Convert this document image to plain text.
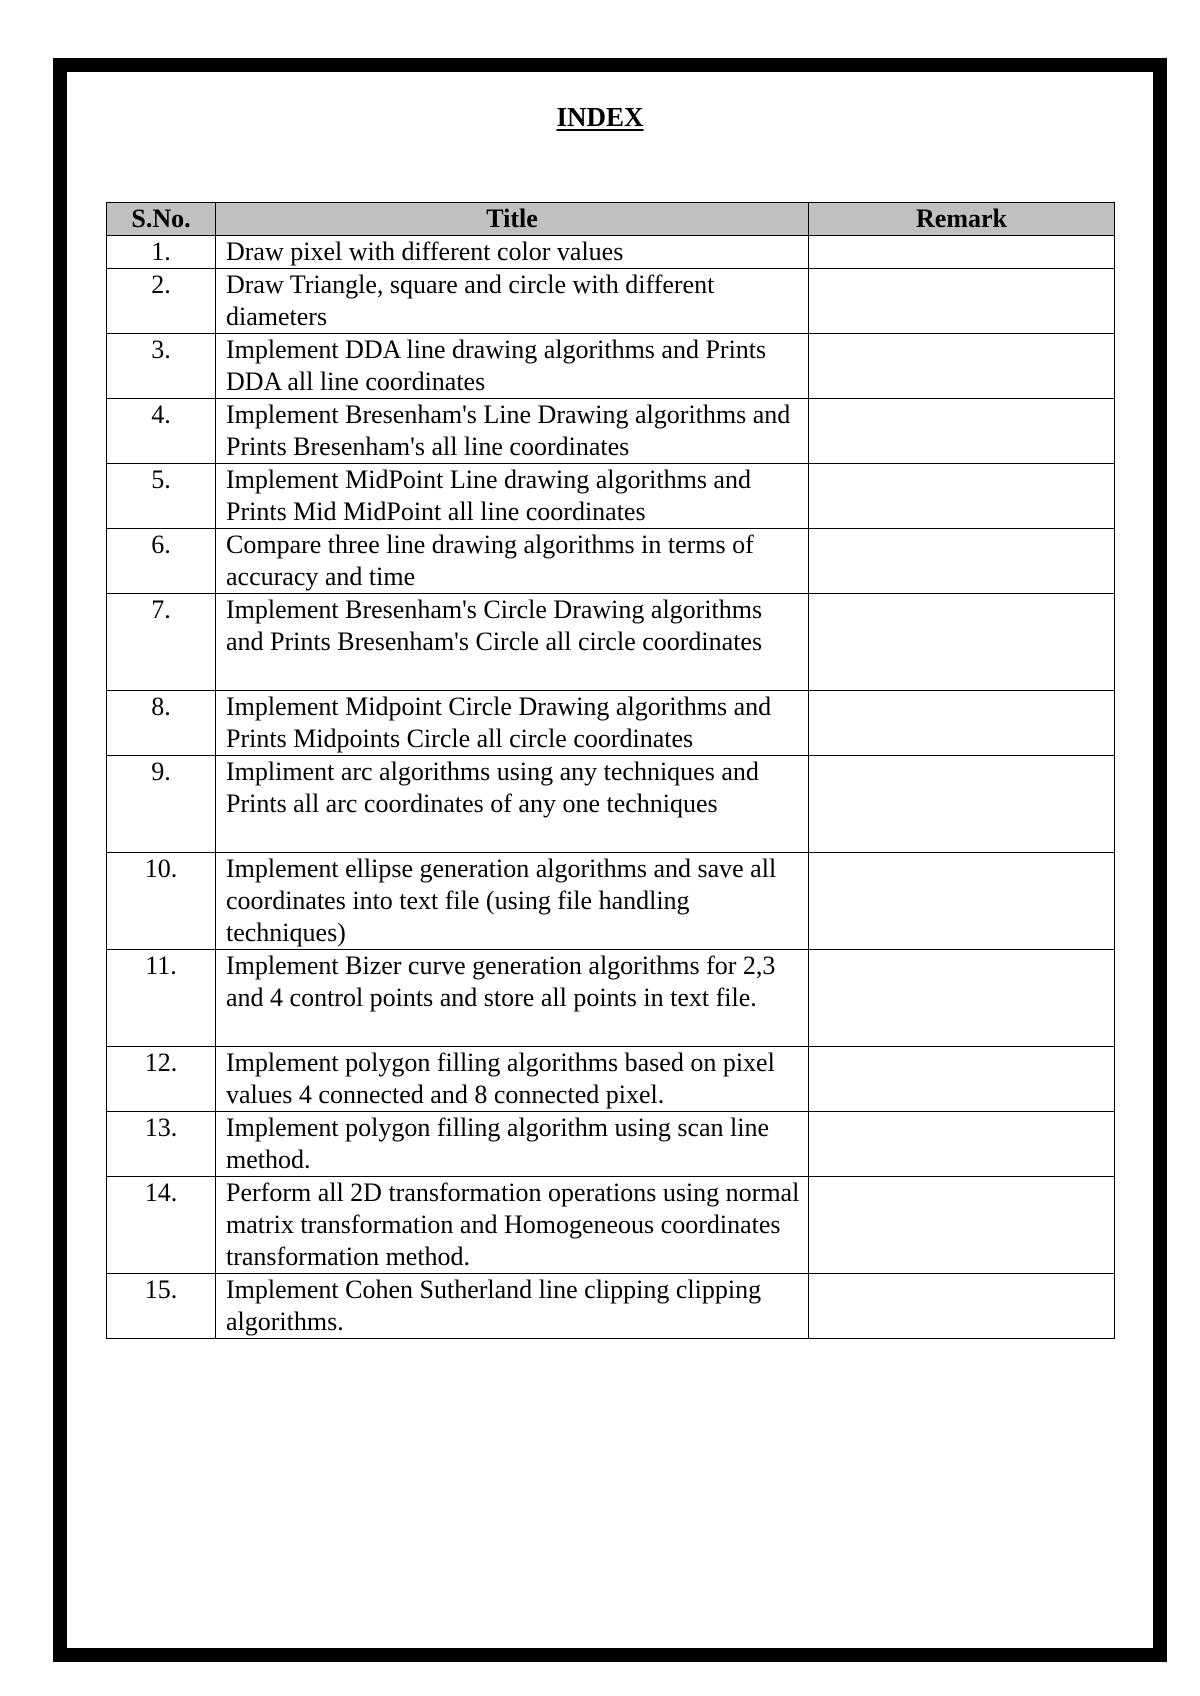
INDEX
S.No.	Title	Remark
1.	Draw pixel with different color values	
2.	Draw Triangle, square and circle with different diameters	
3.	Implement DDA line drawing algorithms and Prints DDA all line coordinates	
4.	Implement Bresenham's Line Drawing algorithms and Prints Bresenham's all line coordinates	
5.	Implement MidPoint Line drawing algorithms and Prints Mid MidPoint all line coordinates	
6.	Compare three line drawing algorithms in terms of accuracy and time	
7.	Implement Bresenham's Circle Drawing algorithms and Prints Bresenham's Circle all circle coordinates	
8.	Implement Midpoint Circle Drawing algorithms and Prints Midpoints Circle all circle coordinates	
9.	Impliment arc algorithms using any techniques and Prints all arc coordinates of any one techniques	
10.	Implement ellipse generation algorithms and save all coordinates into text file (using file handling techniques)	
11.	Implement Bizer curve generation algorithms for 2,3 and 4 control points and store all points in text file.	
12.	Implement polygon filling algorithms based on pixel values 4 connected and 8 connected pixel.	
13.	Implement polygon filling algorithm using scan line method.	
14.	Perform all 2D transformation operations using normal matrix transformation and Homogeneous coordinates transformation method.	
15.	Implement Cohen Sutherland line clipping clipping algorithms.	
